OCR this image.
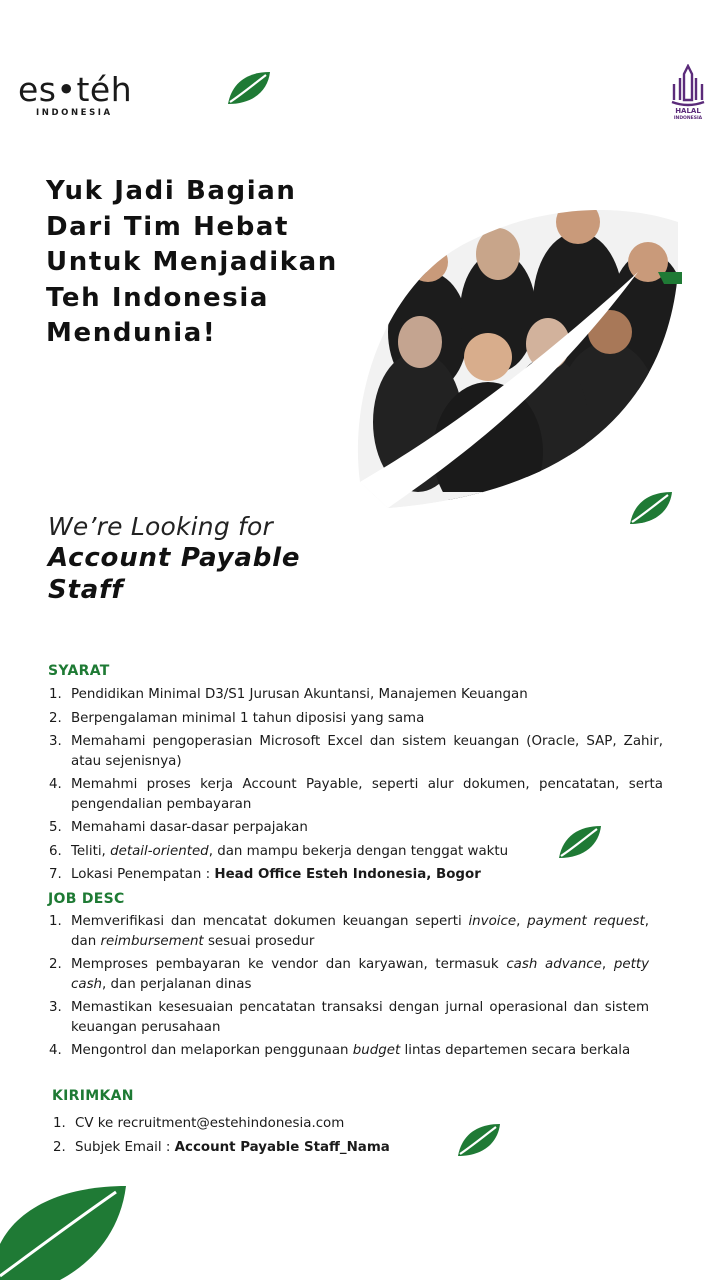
es•téh
INDONESIA	HALAL
INDONESIA
Yuk Jadi Bagian
Dari Tim Hebat
Untuk Menjadikan
Teh Indonesia
Mendunia!
We’re Looking for
Account Payable
Staff
SYARAT
1. Pendidikan Minimal D3/S1 Jurusan Akuntansi, Manajemen Keuangan
2. Berpengalaman minimal 1 tahun diposisi yang sama
3. Memahami pengoperasian Microsoft Excel dan sistem keuangan (Oracle, SAP, Zahir, atau sejenisnya)
4. Memahmi proses kerja Account Payable, seperti alur dokumen, pencatatan, serta pengendalian pembayaran
5. Memahami dasar-dasar perpajakan
6. Teliti, detail-oriented, dan mampu bekerja dengan tenggat waktu
7. Lokasi Penempatan : Head Office Esteh Indonesia, Bogor
JOB DESC
1. Memverifikasi dan mencatat dokumen keuangan seperti invoice, payment request, dan reimbursement sesuai prosedur
2. Memproses pembayaran ke vendor dan karyawan, termasuk cash advance, petty cash, dan perjalanan dinas
3. Memastikan kesesuaian pencatatan transaksi dengan jurnal operasional dan sistem keuangan perusahaan
4. Mengontrol dan melaporkan penggunaan budget lintas departemen secara berkala
KIRIMKAN
1. CV ke recruitment@estehindonesia.com
2. Subjek Email : Account Payable Staff_Nama
